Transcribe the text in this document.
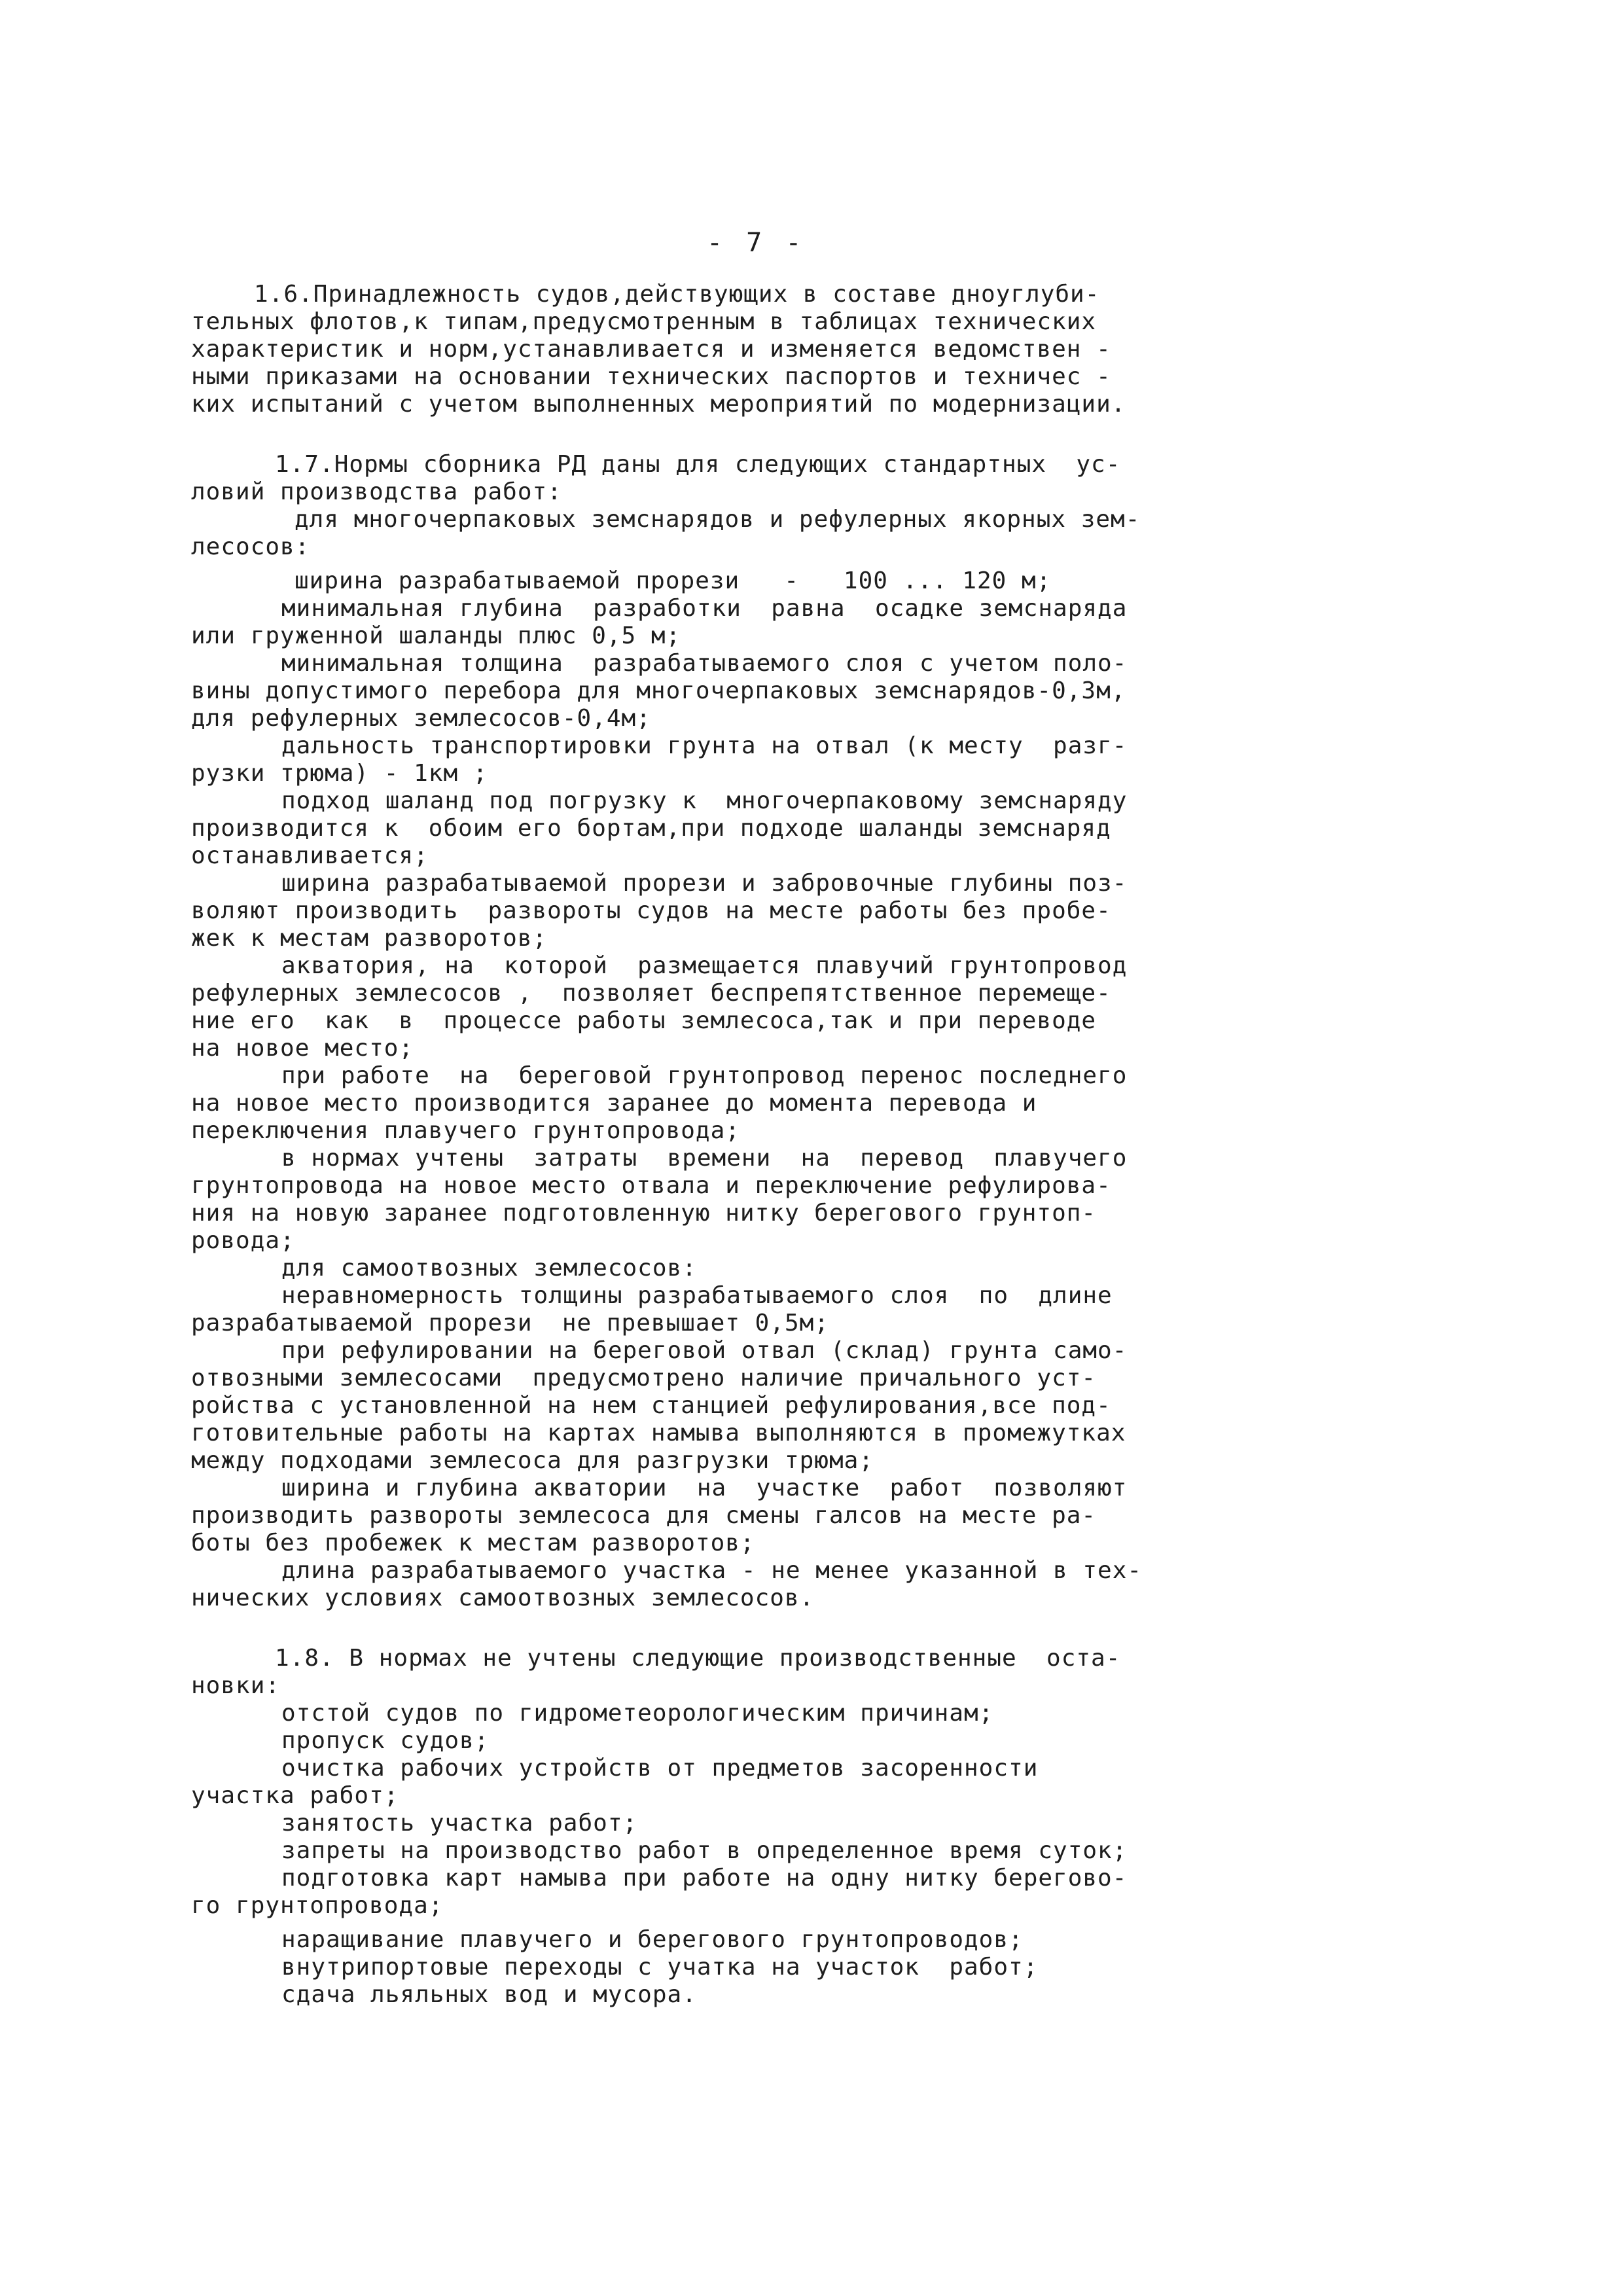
- 7 -

1.6.Принадлежность судов,действующих в составе дноуглуби-

тельных флотов,к типам,предусмотренным в таблицах технических

характеристик и норм,устанавливается и изменяется ведомствен -

ными приказами на основании технических паспортов и техничес -

ких испытаний с учетом выполненных мероприятий по модернизации.

1.7.Нормы сборника РД даны для следующих стандартных  ус-

ловий производства работ:

для многочерпаковых земснарядов и рефулерных якорных зем-

лесосов:

ширина разрабатываемой прорези   -   100 ... 120 м;

минимальная глубина  разработки  равна  осадке земснаряда

или груженной шаланды плюс 0,5 м;

минимальная толщина  разрабатываемого слоя с учетом поло-

вины допустимого перебора для многочерпаковых земснарядов-0,3м,

для рефулерных землесосов-0,4м;

дальность транспортировки грунта на отвал (к месту  разг-

рузки трюма) - 1км ;

подход шаланд под погрузку к  многочерпаковому земснаряду

производится к  обоим его бортам,при подходе шаланды земснаряд

останавливается;

ширина разрабатываемой прорези и забровочные глубины поз-

воляют производить  развороты судов на месте работы без пробе-

жек к местам разворотов;

акватория, на  которой  размещается плавучий грунтопровод

рефулерных землесосов ,  позволяет беспрепятственное перемеще-

ние его  как  в  процессе работы землесоса,так и при переводе

на новое место;

при работе  на  береговой грунтопровод перенос последнего

на новое место производится заранее до момента перевода и

переключения плавучего грунтопровода;

в нормах учтены  затраты  времени  на  перевод  плавучего

грунтопровода на новое место отвала и переключение рефулирова-

ния на новую заранее подготовленную нитку берегового грунтоп-

ровода;

для самоотвозных землесосов:

неравномерность толщины разрабатываемого слоя  по  длине

разрабатываемой прорези  не превышает 0,5м;

при рефулировании на береговой отвал (склад) грунта само-

отвозными землесосами  предусмотрено наличие причального уст-

ройства с установленной на нем станцией рефулирования,все под-

готовительные работы на картах намыва выполняются в промежутках

между подходами землесоса для разгрузки трюма;

ширина и глубина акватории  на  участке  работ  позволяют

производить развороты землесоса для смены галсов на месте ра-

боты без пробежек к местам разворотов;

длина разрабатываемого участка - не менее указанной в тех-

нических условиях самоотвозных землесосов.

1.8. В нормах не учтены следующие производственные  оста-

новки:

отстой судов по гидрометеорологическим причинам;

пропуск судов;

очистка рабочих устройств от предметов засоренности

участка работ;

занятость участка работ;

запреты на производство работ в определенное время суток;

подготовка карт намыва при работе на одну нитку берегово-

го грунтопровода;

наращивание плавучего и берегового грунтопроводов;

внутрипортовые переходы с учатка на участок  работ;

сдача льяльных вод и мусора.
